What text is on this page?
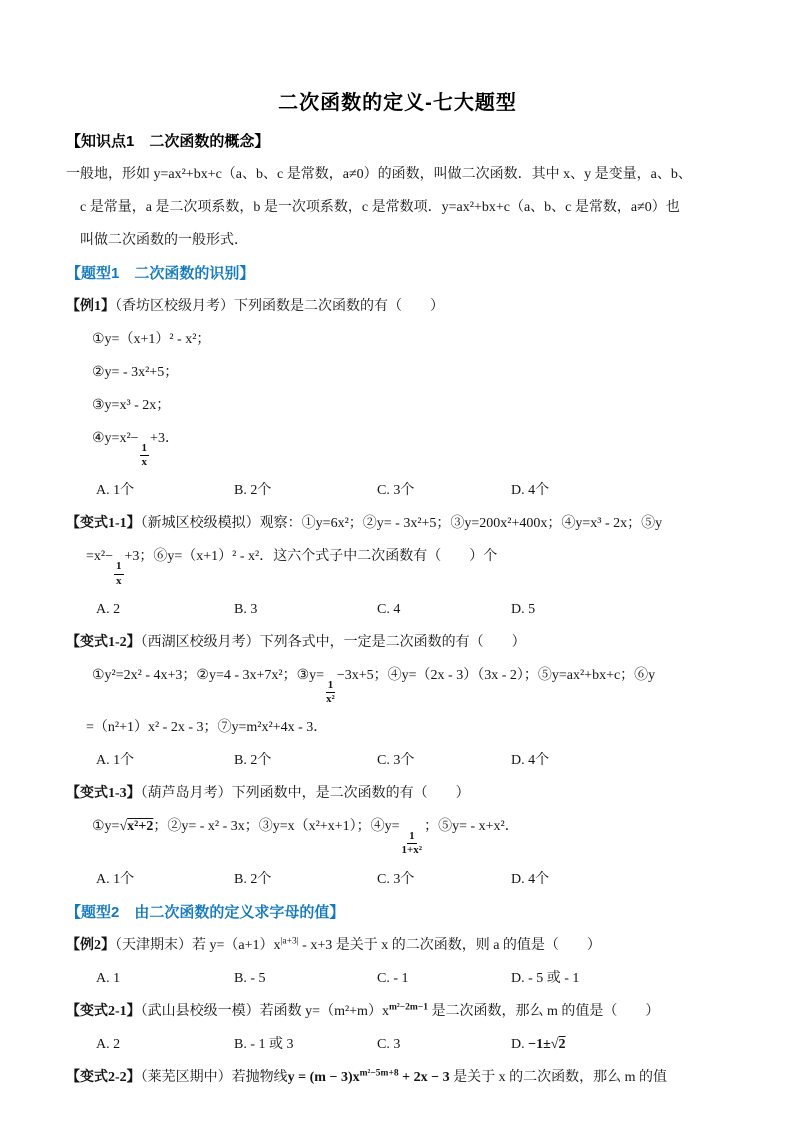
二次函数的定义-七大题型
【知识点1　二次函数的概念】
一般地，形如 y=ax²+bx+c（a、b、c 是常数，a≠0）的函数，叫做二次函数．其中 x、y 是变量，a、b、
c 是常量，a 是二次项系数，b 是一次项系数，c 是常数项．y=ax²+bx+c（a、b、c 是常数，a≠0）也
叫做二次函数的一般形式．
【题型1　二次函数的识别】
【例1】（香坊区校级月考）下列函数是二次函数的有（　　）
①y=（x+1）² - x²；
②y= - 3x²+5；
③y=x³ - 2x；
④y=x²−
$\frac{1}{x}$
+3．
A. 1个	B. 2个	C. 3个	D. 4个
【变式1-1】（新城区校级模拟）观察：①y=6x²；②y= - 3x²+5；③y=200x²+400x；④y=x³ - 2x；⑤y
=x²−
$\frac{1}{x}$
+3；⑥y=（x+1）² - x²．这六个式子中二次函数有（　　）个
A. 2	B. 3	C. 4	D. 5
【变式1-2】（西湖区校级月考）下列各式中，一定是二次函数的有（　　）
①y²=2x² - 4x+3；②y=4 - 3x+7x²；③y=
$\frac{1}{\text{x²}}$
−3x+5；④y=（2x - 3）（3x - 2）；⑤y=ax²+bx+c；⑥y
=（n²+1）x² - 2x - 3；⑦y=m²x²+4x - 3．
A. 1个	B. 2个	C. 3个	D. 4个
【变式1-3】（葫芦岛月考）下列函数中，是二次函数的有（　　）
①y=√x²+2；②y= - x² - 3x；③y=x（x²+x+1）；④y=
$\frac{1}{\text{1+x²}}$
；⑤y= - x+x²．
A. 1个	B. 2个	C. 3个	D. 4个
【题型2　由二次函数的定义求字母的值】
【例2】（天津期末）若 $y=(a+1)x^{|a+3|} - x+3$ 是关于 x 的二次函数，则 a 的值是（　　）
A. 1	B. - 5	C. - 1	D. - 5 或 - 1
【变式2-1】（武山县校级一模）若函数 $y=(m^2+m)x^{m^2-2m-1}$ 是二次函数，那么 m 的值是（　　）
A. 2	B. - 1 或 3	C. 3	D. −1±√2
【变式2-2】（莱芜区期中）若抛物线$y = (m - 3)x^{m^2-5m+8} + 2x - 3$ 是关于 x 的二次函数，那么 m 的值
